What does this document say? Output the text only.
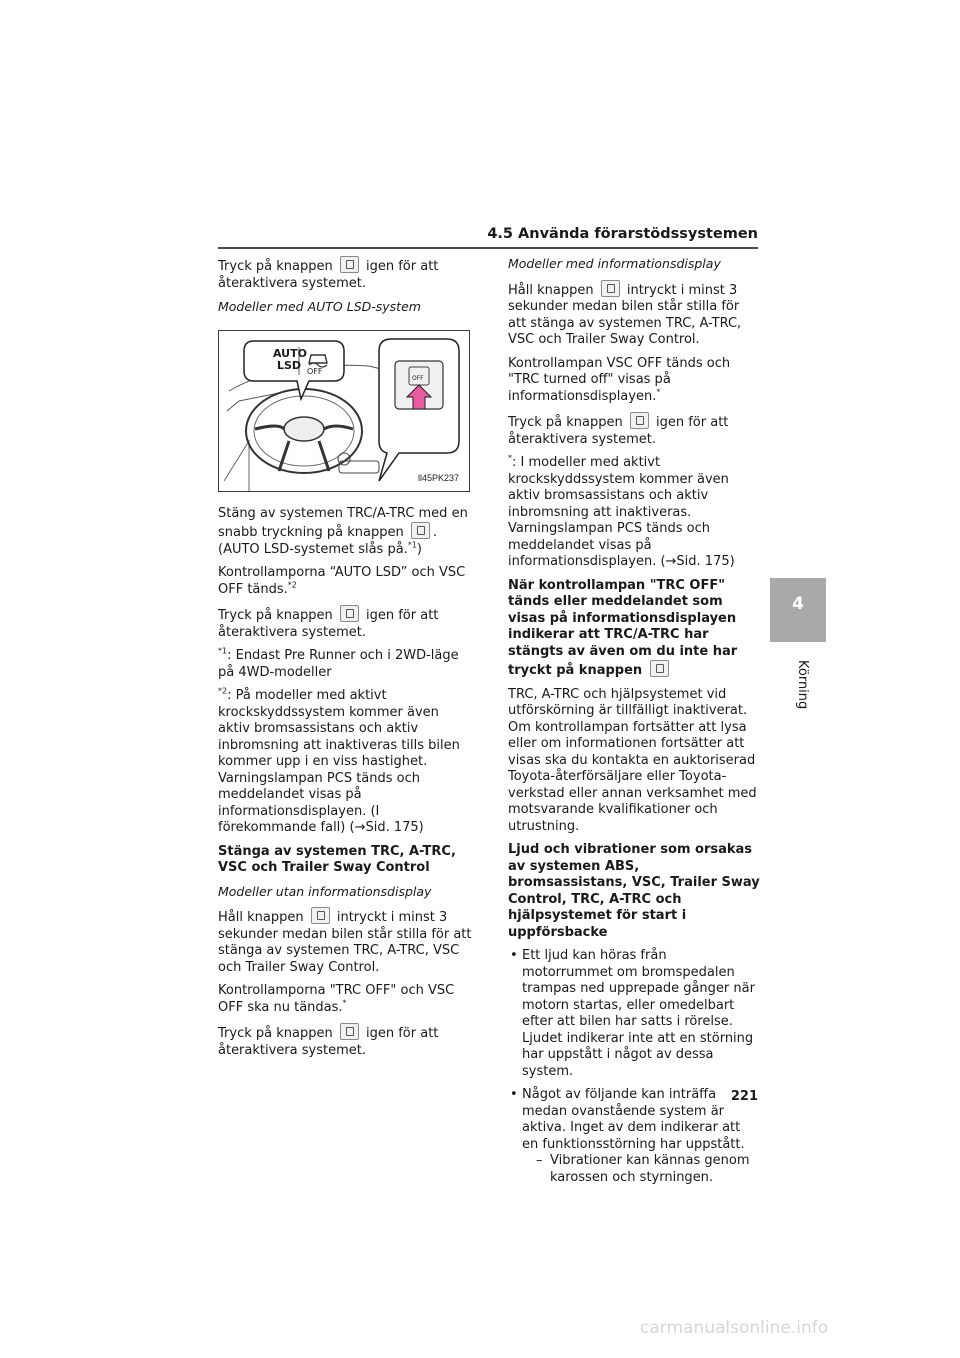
4.5 Använda förarstödssystemen

Tryck på knappen	igen för att återaktivera systemet.

Modeller med AUTO LSD-system

AUTO
LSD OFF
OFF
ll45PK237

Stäng av systemen TRC/A-TRC med en snabb tryckning på knappen .
(AUTO LSD-systemet slås på.$^{*1}$)

Kontrollamporna “AUTO LSD” och VSC OFF tänds.$^{*2}$

Tryck på knappen	igen för att återaktivera systemet.

$^{*1}$: Endast Pre Runner och i 2WD-läge på 4WD-modeller

$^{*2}$: På modeller med aktivt krockskyddssystem kommer även aktiv bromsassistans och aktiv inbromsning att inaktiveras tills bilen kommer upp i en viss hastighet. Varningslampan PCS tänds och meddelandet visas på informationsdisplayen. (I förekommande fall) (→Sid. 175)

Stänga av systemen TRC, A-TRC, VSC och Trailer Sway Control

Modeller utan informationsdisplay

Håll knappen	intryckt i minst 3 sekunder medan bilen står stilla för att stänga av systemen TRC, A-TRC, VSC och Trailer Sway Control.

Kontrollamporna "TRC OFF" och VSC OFF ska nu tändas.*

Tryck på knappen	igen för att återaktivera systemet.

Modeller med informationsdisplay

Håll knappen	intryckt i minst 3 sekunder medan bilen står stilla för att stänga av systemen TRC, A-TRC, VSC och Trailer Sway Control.

Kontrollampan VSC OFF tänds och "TRC turned off" visas på informationsdisplayen.*

Tryck på knappen	igen för att återaktivera systemet.

*: I modeller med aktivt krockskyddssystem kommer även aktiv bromsassistans och aktiv inbromsning att inaktiveras. Varningslampan PCS tänds och meddelandet visas på informationsdisplayen. (→Sid. 175)

När kontrollampan "TRC OFF" tänds eller meddelandet som visas på informationsdisplayen indikerar att TRC/A-TRC har stängts av även om du inte har tryckt på knappen

TRC, A-TRC och hjälpsystemet vid utförskörning är tillfälligt inaktiverat. Om kontrollampan fortsätter att lysa eller om informationen fortsätter att visas ska du kontakta en auktoriserad Toyota-återförsäljare eller Toyota-verkstad eller annan verksamhet med motsvarande kvalifikationer och utrustning.

Ljud och vibrationer som orsakas av systemen ABS, bromsassistans, VSC, Trailer Sway Control, TRC, A-TRC och hjälpsystemet för start i uppförsbacke

• Ett ljud kan höras från motorrummet om bromspedalen trampas ned upprepade gånger när motorn startas, eller omedelbart efter att bilen har satts i rörelse. Ljudet indikerar inte att en störning har uppstått i något av dessa system.
• Något av följande kan inträffa medan ovanstående system är aktiva. Inget av dem indikerar att en funktionsstörning har uppstått.
– Vibrationer kan kännas genom karossen och styrningen.
4
Körning
221
carmanualsonline.info
